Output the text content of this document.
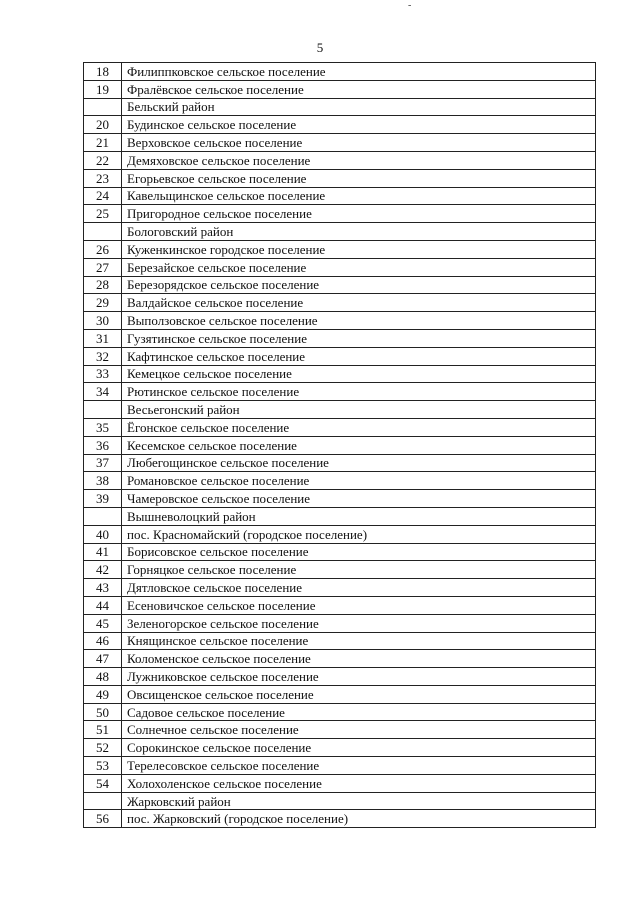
-
5
18	Филиппковское сельское поселение
19	Фралёвское сельское поселение
	Бельский район
20	Будинское сельское поселение
21	Верховское сельское поселение
22	Демяховское сельское поселение
23	Егорьевское сельское поселение
24	Кавельщинское сельское поселение
25	Пригородное сельское поселение
	Бологовский район
26	Куженкинское городское поселение
27	Березайское сельское поселение
28	Березорядское сельское поселение
29	Валдайское сельское поселение
30	Выползовское сельское поселение
31	Гузятинское сельское поселение
32	Кафтинское сельское поселение
33	Кемецкое сельское поселение
34	Рютинское сельское поселение
	Весьегонский район
35	Ёгонское сельское поселение
36	Кесемское сельское поселение
37	Любегощинское сельское поселение
38	Романовское сельское поселение
39	Чамеровское сельское поселение
	Вышневолоцкий район
40	пос. Красномайский (городское поселение)
41	Борисовское сельское поселение
42	Горняцкое сельское поселение
43	Дятловское сельское поселение
44	Есеновичское сельское поселение
45	Зеленогорское сельское поселение
46	Княщинское сельское поселение
47	Коломенское сельское поселение
48	Лужниковское сельское поселение
49	Овсищенское сельское поселение
50	Садовое сельское поселение
51	Солнечное сельское поселение
52	Сорокинское сельское поселение
53	Терелесовское сельское поселение
54	Холохоленское сельское поселение
	Жарковский район
56	пос. Жарковский (городское поселение)
